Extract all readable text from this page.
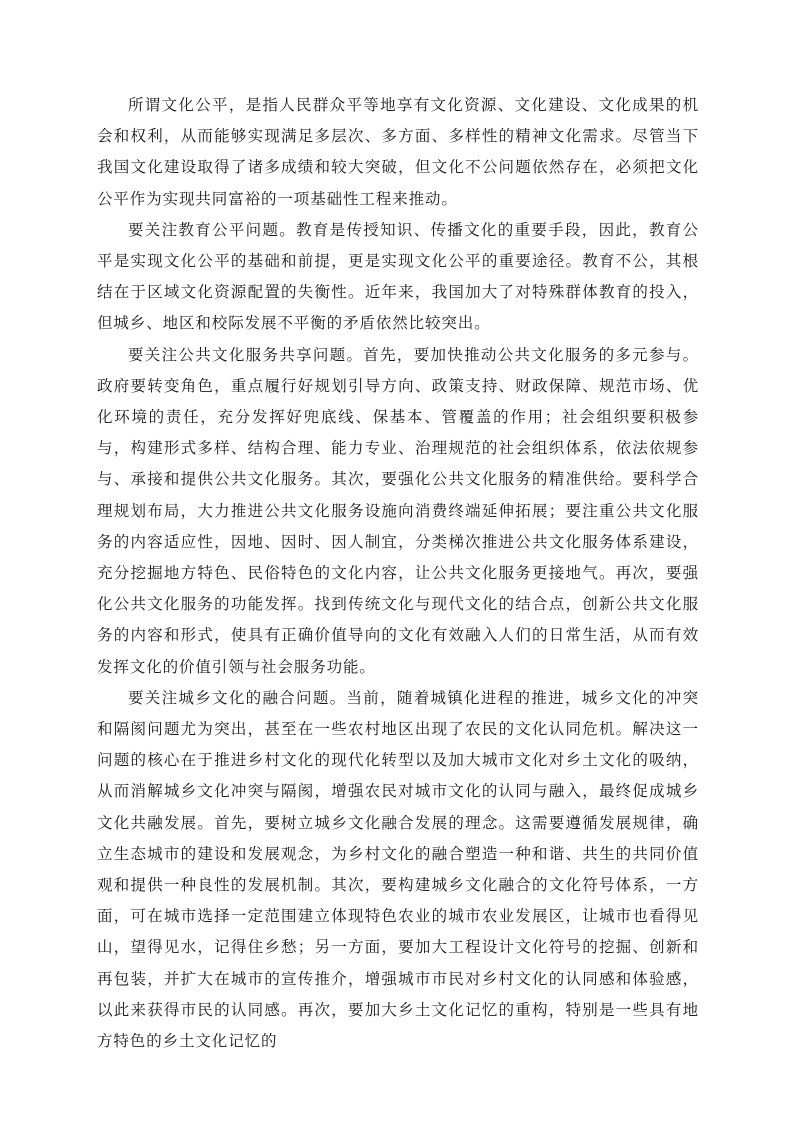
所谓文化公平，是指人民群众平等地享有文化资源、文化建设、文化成果的机会和权利，从而能够实现满足多层次、多方面、多样性的精神文化需求。尽管当下我国文化建设取得了诸多成绩和较大突破，但文化不公问题依然存在，必须把文化公平作为实现共同富裕的一项基础性工程来推动。

要关注教育公平问题。教育是传授知识、传播文化的重要手段，因此，教育公平是实现文化公平的基础和前提，更是实现文化公平的重要途径。教育不公，其根结在于区域文化资源配置的失衡性。近年来，我国加大了对特殊群体教育的投入，但城乡、地区和校际发展不平衡的矛盾依然比较突出。

要关注公共文化服务共享问题。首先，要加快推动公共文化服务的多元参与。政府要转变角色，重点履行好规划引导方向、政策支持、财政保障、规范市场、优化环境的责任，充分发挥好兜底线、保基本、管覆盖的作用；社会组织要积极参与，构建形式多样、结构合理、能力专业、治理规范的社会组织体系，依法依规参与、承接和提供公共文化服务。其次，要强化公共文化服务的精准供给。要科学合理规划布局，大力推进公共文化服务设施向消费终端延伸拓展；要注重公共文化服务的内容适应性，因地、因时、因人制宜，分类梯次推进公共文化服务体系建设，充分挖掘地方特色、民俗特色的文化内容，让公共文化服务更接地气。再次，要强化公共文化服务的功能发挥。找到传统文化与现代文化的结合点，创新公共文化服务的内容和形式，使具有正确价值导向的文化有效融入人们的日常生活，从而有效发挥文化的价值引领与社会服务功能。

要关注城乡文化的融合问题。当前，随着城镇化进程的推进，城乡文化的冲突和隔阂问题尤为突出，甚至在一些农村地区出现了农民的文化认同危机。解决这一问题的核心在于推进乡村文化的现代化转型以及加大城市文化对乡土文化的吸纳，从而消解城乡文化冲突与隔阂，增强农民对城市文化的认同与融入，最终促成城乡文化共融发展。首先，要树立城乡文化融合发展的理念。这需要遵循发展规律，确立生态城市的建设和发展观念，为乡村文化的融合塑造一种和谐、共生的共同价值观和提供一种良性的发展机制。其次，要构建城乡文化融合的文化符号体系，一方面，可在城市选择一定范围建立体现特色农业的城市农业发展区，让城市也看得见山，望得见水，记得住乡愁；另一方面，要加大工程设计文化符号的挖掘、创新和再包装，并扩大在城市的宣传推介，增强城市市民对乡村文化的认同感和体验感，以此来获得市民的认同感。再次，要加大乡土文化记忆的重构，特别是一些具有地方特色的乡土文化记忆的
